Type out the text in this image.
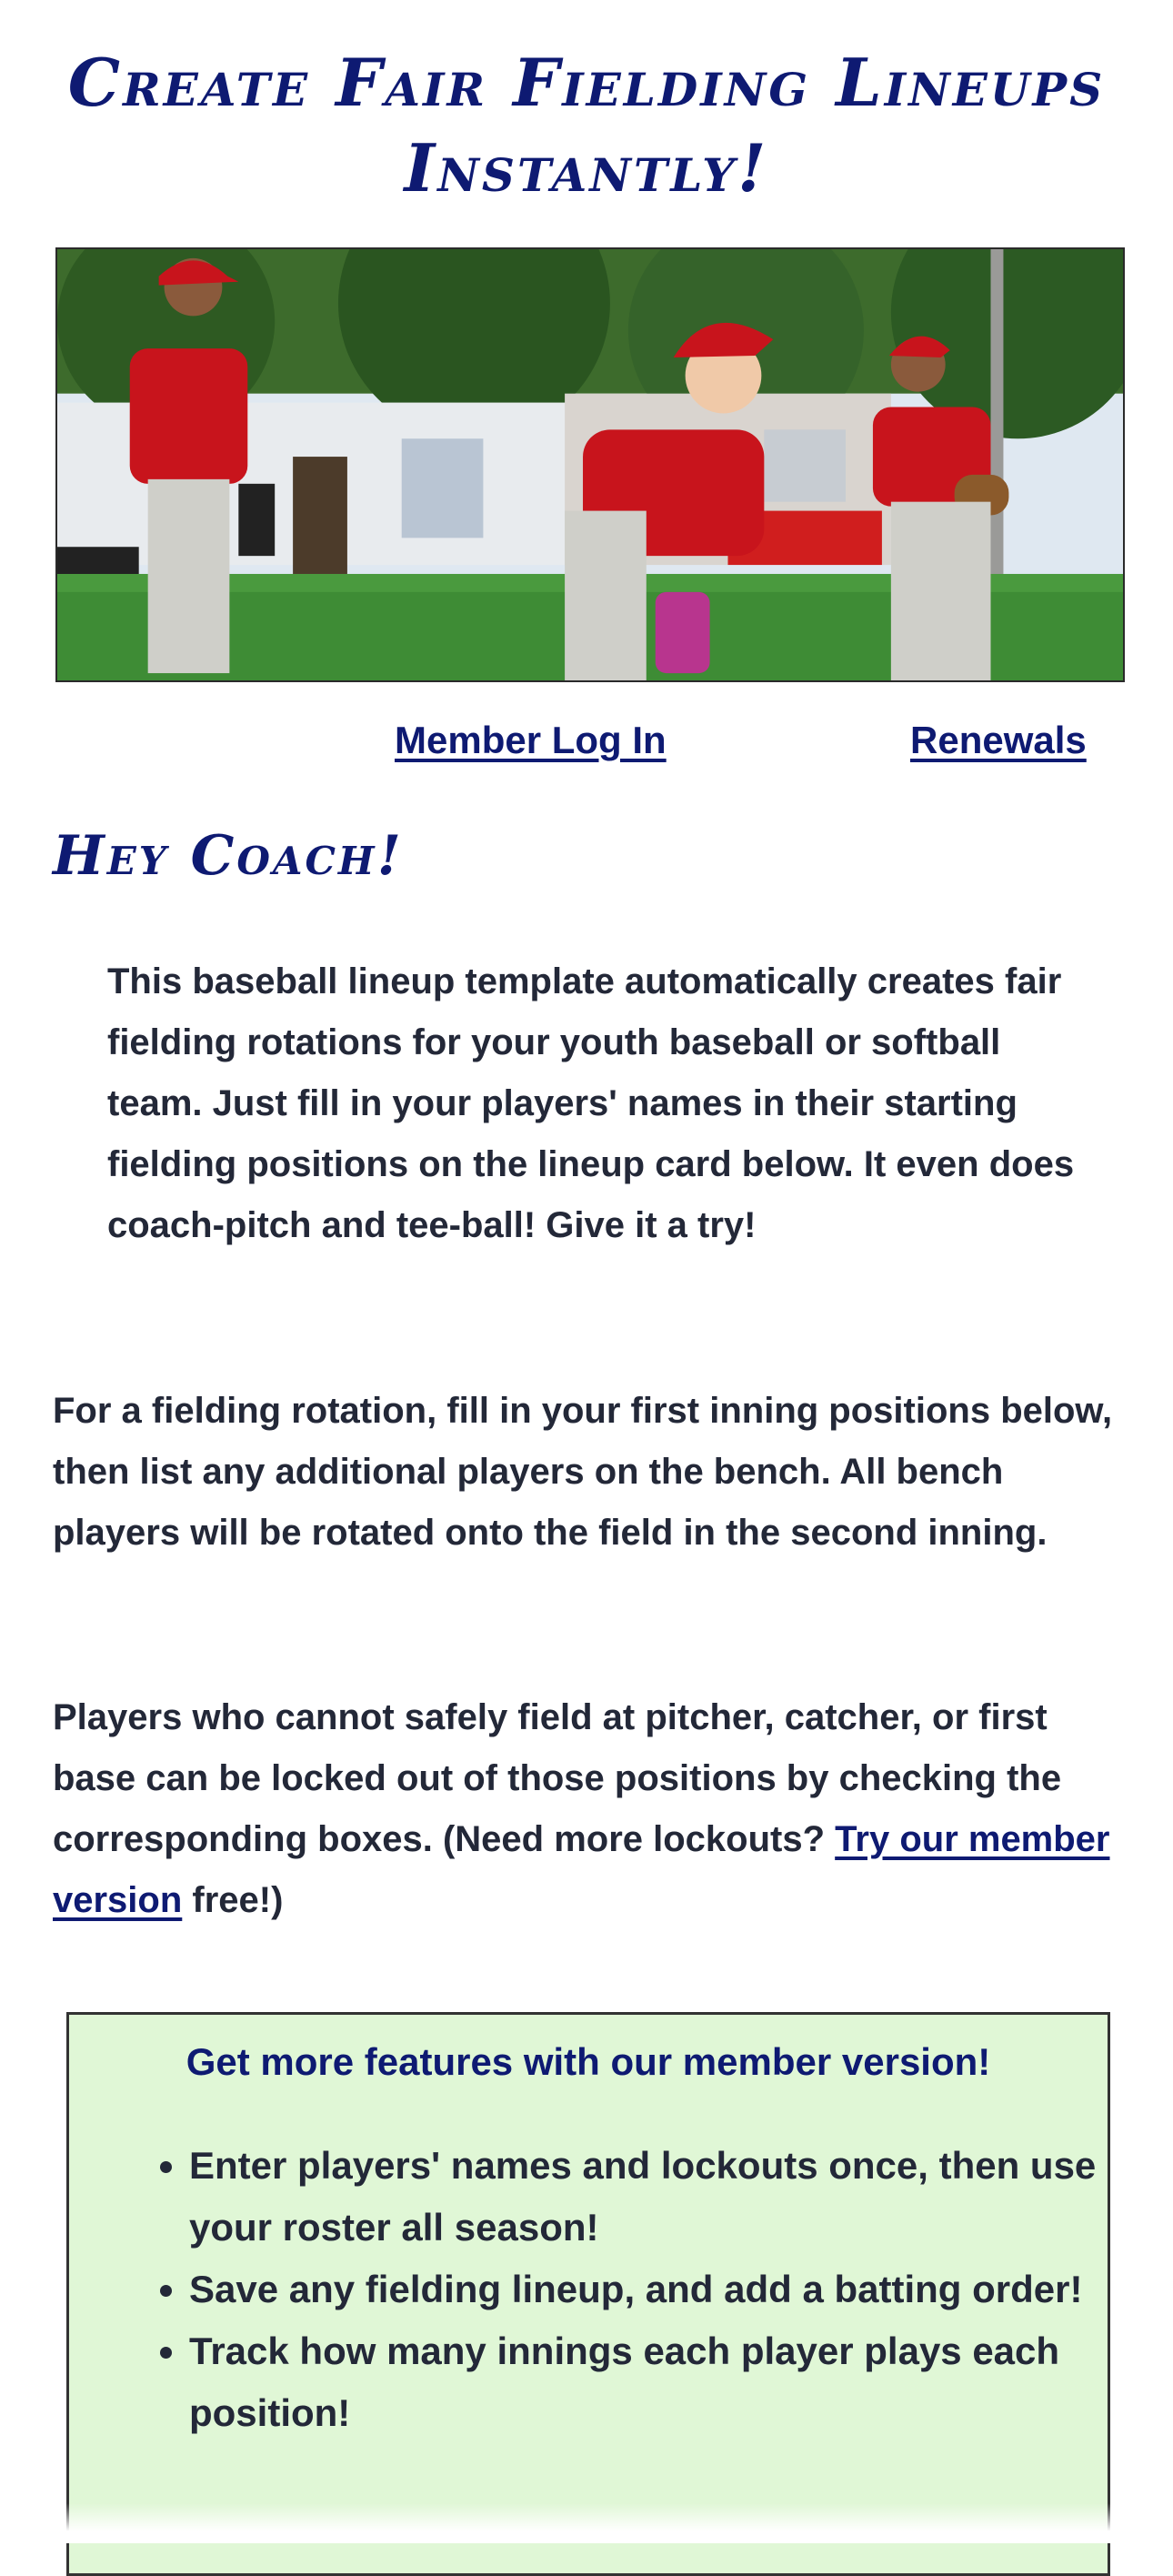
Create Fair Fielding Lineups Instantly!
Member Log In	Renewals
Hey Coach!

This baseball lineup template automatically creates fair fielding rotations for your youth baseball or softball team. Just fill in your players' names in their starting fielding positions on the lineup card below. It even does coach-pitch and tee-ball! Give it a try!

For a fielding rotation, fill in your first inning positions below, then list any additional players on the bench. All bench players will be rotated onto the field in the second inning.

Players who cannot safely field at pitcher, catcher, or first base can be locked out of those positions by checking the corresponding boxes. (Need more lockouts? Try our member version free!)

Get more features with our member version!
• Enter players' names and lockouts once, then use your roster all season!
• Save any fielding lineup, and add a batting order!
• Track how many innings each player plays each position!
